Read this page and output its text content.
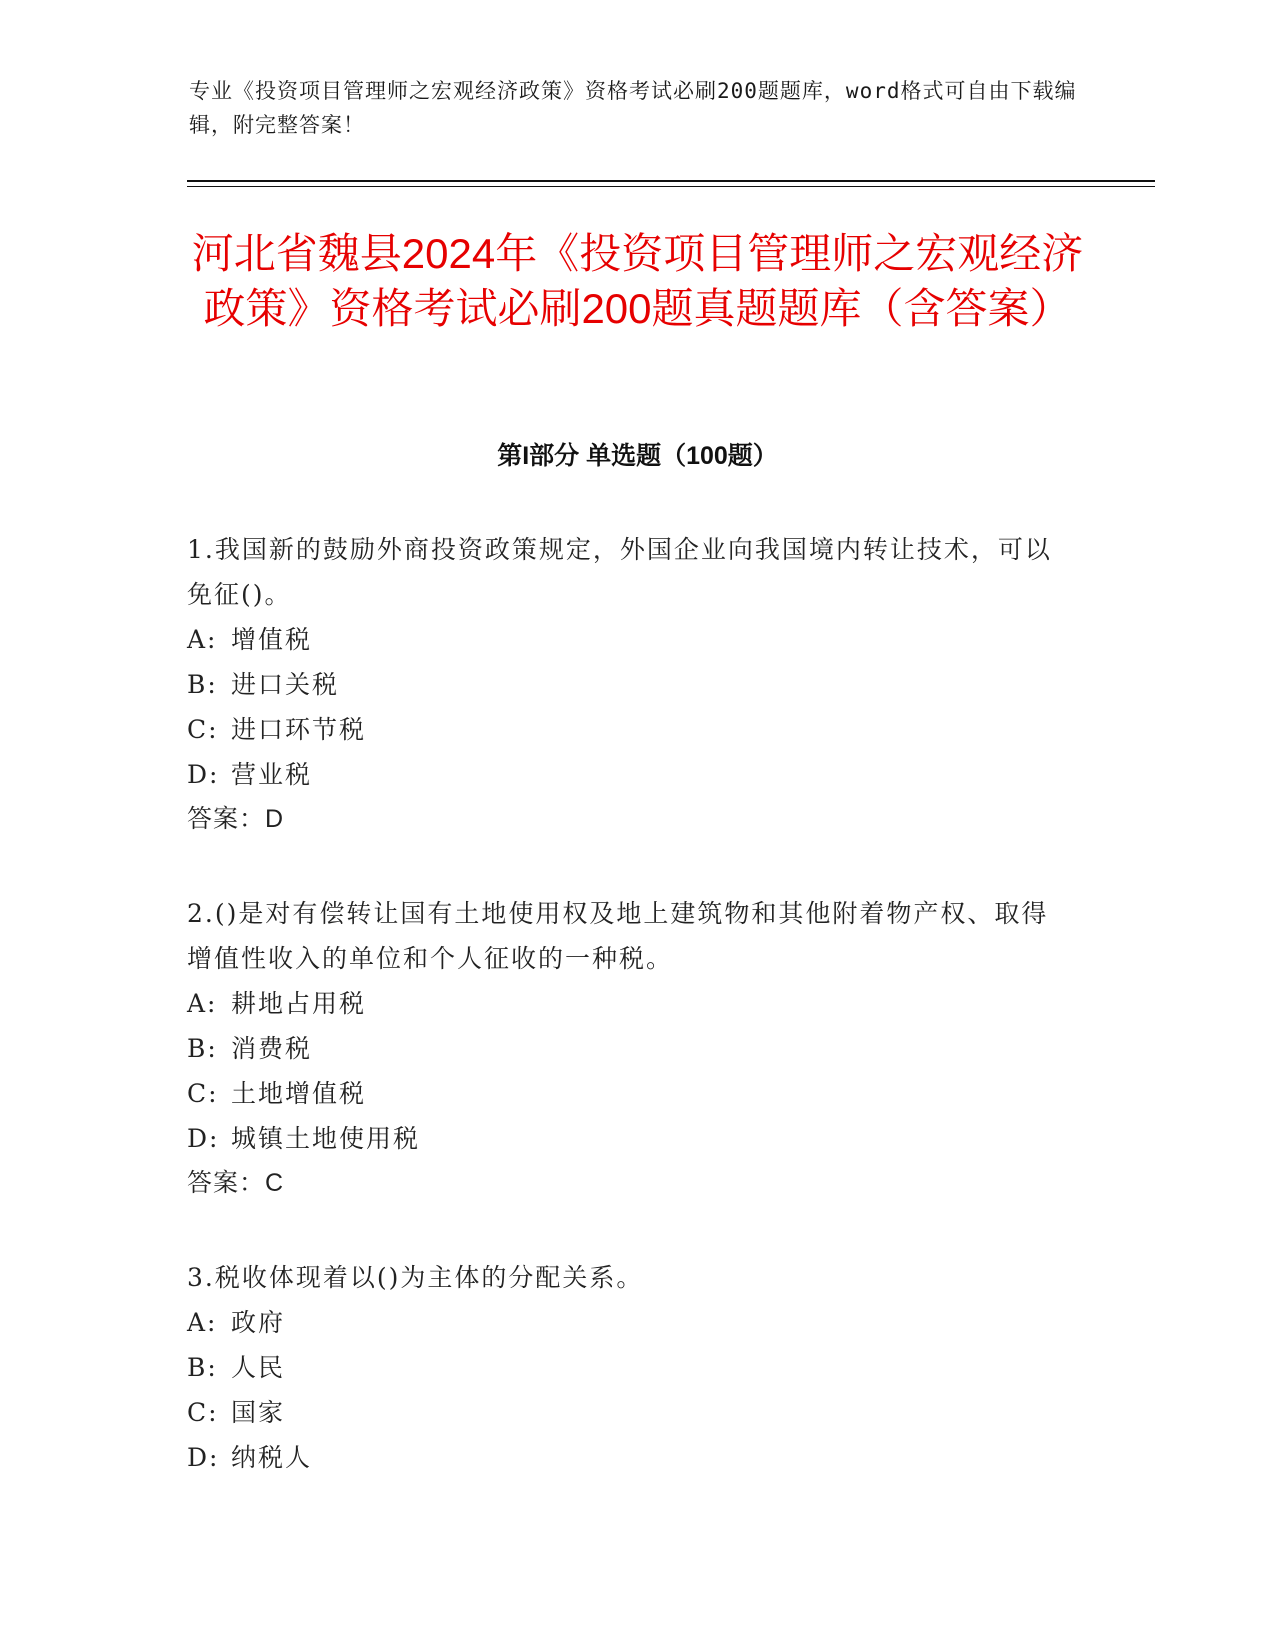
专业《投资项目管理师之宏观经济政策》资格考试必刷200题题库，word格式可自由下载编辑，附完整答案！
河北省魏县2024年《投资项目管理师之宏观经济政策》资格考试必刷200题真题题库（含答案）
第I部分 单选题（100题）
1.我国新的鼓励外商投资政策规定，外国企业向我国境内转让技术，可以免征()。
A: 增值税
B: 进口关税
C: 进口环节税
D: 营业税
答案：D
2.()是对有偿转让国有土地使用权及地上建筑物和其他附着物产权、取得增值性收入的单位和个人征收的一种税。
A: 耕地占用税
B: 消费税
C: 土地增值税
D: 城镇土地使用税
答案：C
3.税收体现着以()为主体的分配关系。
A: 政府
B: 人民
C: 国家
D: 纳税人
